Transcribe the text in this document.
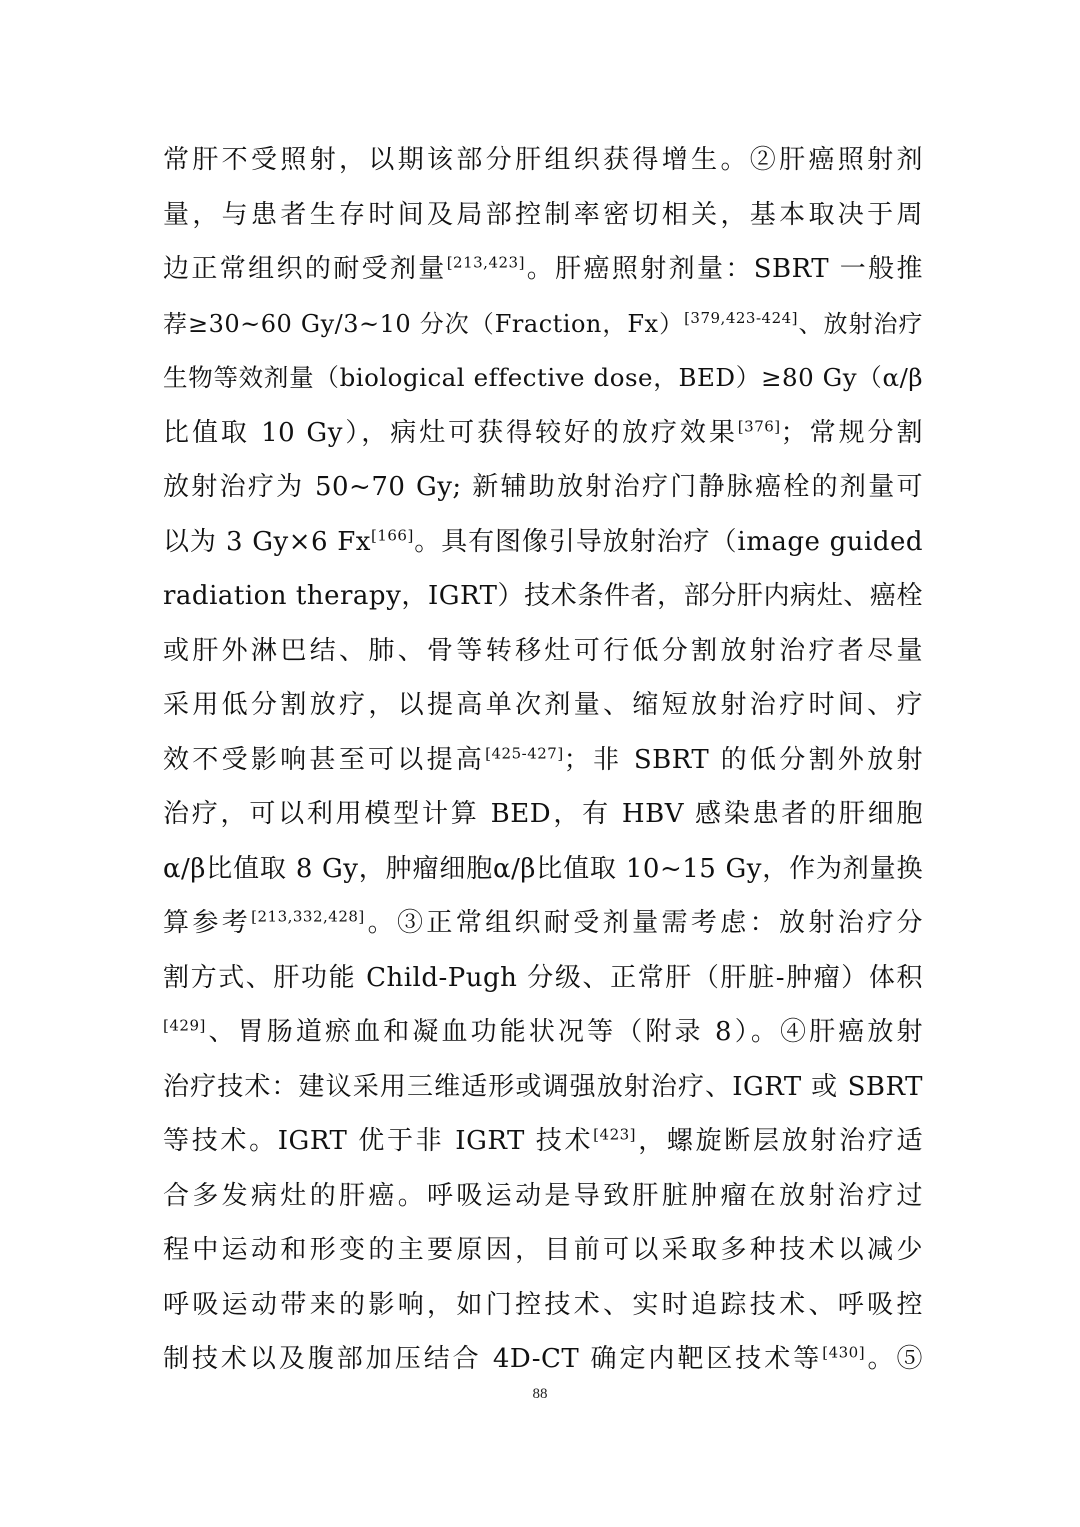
常肝不受照射，以期该部分肝组织获得增生。②肝癌照射剂
量，与患者生存时间及局部控制率密切相关，基本取决于周
边正常组织的耐受剂量[213,423]。肝癌照射剂量：SBRT 一般推
荐≥30~60 Gy/3~10 分次（Fraction，Fx）[379,423-424]、放射治疗
生物等效剂量（biological effective dose，BED）≥80 Gy（α/β
比值取 10 Gy），病灶可获得较好的放疗效果[376]；常规分割
放射治疗为 50~70 Gy; 新辅助放射治疗门静脉癌栓的剂量可
以为 3 Gy×6 Fx[166]。具有图像引导放射治疗（image guided
radiation therapy，IGRT）技术条件者，部分肝内病灶、癌栓
或肝外淋巴结、肺、骨等转移灶可行低分割放射治疗者尽量
采用低分割放疗，以提高单次剂量、缩短放射治疗时间、疗
效不受影响甚至可以提高[425-427]；非 SBRT 的低分割外放射
治疗，可以利用模型计算 BED，有 HBV 感染患者的肝细胞
α/β比值取 8 Gy，肿瘤细胞α/β比值取 10~15 Gy，作为剂量换
算参考[213,332,428]。③正常组织耐受剂量需考虑：放射治疗分
割方式、肝功能 Child-Pugh 分级、正常肝（肝脏-肿瘤）体积
[429]、胃肠道瘀血和凝血功能状况等（附录 8）。④肝癌放射
治疗技术：建议采用三维适形或调强放射治疗、IGRT 或 SBRT
等技术。IGRT 优于非 IGRT 技术[423]，螺旋断层放射治疗适
合多发病灶的肝癌。呼吸运动是导致肝脏肿瘤在放射治疗过
程中运动和形变的主要原因，目前可以采取多种技术以减少
呼吸运动带来的影响，如门控技术、实时追踪技术、呼吸控
制技术以及腹部加压结合 4D-CT 确定内靶区技术等[430]。⑤
88
